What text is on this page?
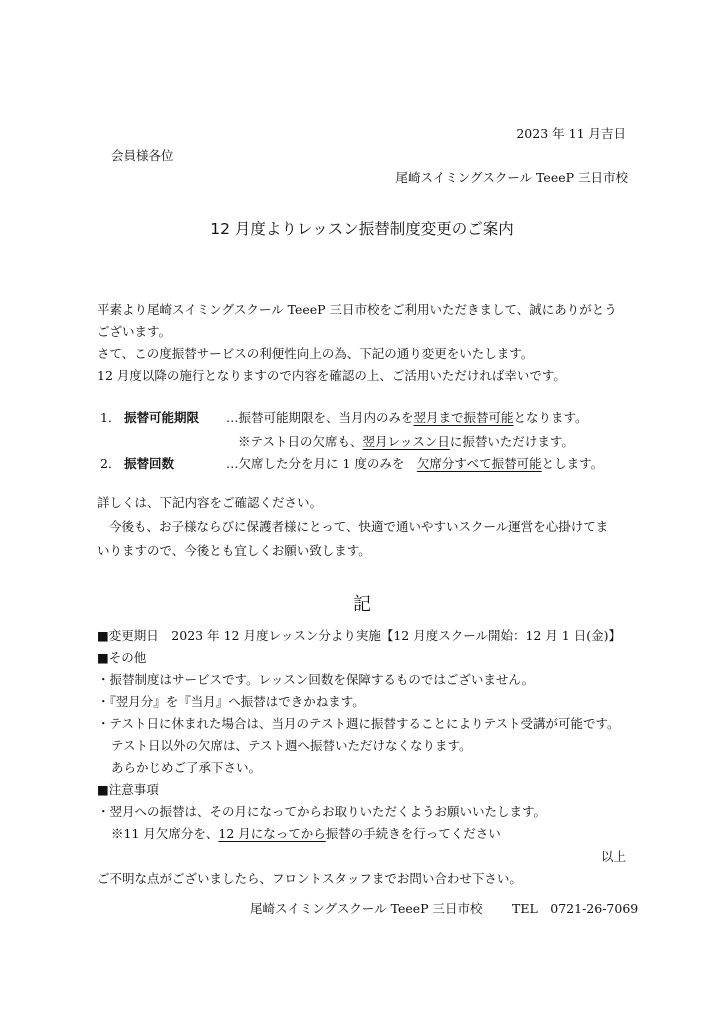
2023 年 11 月吉日
会員様各位
尾崎スイミングスクール TeeeP 三日市校
12 月度よりレッスン振替制度変更のご案内
平素より尾崎スイミングスクール TeeeP 三日市校をご利用いただきまして、誠にありがとう
ございます。
さて、この度振替サービスの利便性向上の為、下記の通り変更をいたします。
12 月度以降の施行となりますので内容を確認の上、ご活用いただければ幸いです。
1． 振替可能期限 …振替可能期限を、当月内のみを翌月まで振替可能となります。
※テスト日の欠席も、翌月レッスン日に振替いただけます。
2． 振替回数	…欠席した分を月に 1 度のみを　欠席分すべて振替可能とします。
詳しくは、下記内容をご確認ください。
今後も、お子様ならびに保護者様にとって、快適で通いやすいスクール運営を心掛けてま
いりますので、今後とも宜しくお願い致します。
記
■変更期日　2023 年 12 月度レッスン分より実施【12 月度スクール開始：12 月 1 日(金)】
■その他
・振替制度はサービスです。レッスン回数を保障するものではございません。
・『翌月分』を『当月』へ振替はできかねます。
・テスト日に休まれた場合は、当月のテスト週に振替することによりテスト受講が可能です。
テスト日以外の欠席は、テスト週へ振替いただけなくなります。
あらかじめご了承下さい。
■注意事項
・翌月への振替は、その月になってからお取りいただくようお願いいたします。
※11 月欠席分を、12 月になってから振替の手続きを行ってください
以上
ご不明な点がございましたら、フロントスタッフまでお問い合わせ下さい。
尾崎スイミングスクール TeeeP 三日市校 TEL　0721-26-7069
